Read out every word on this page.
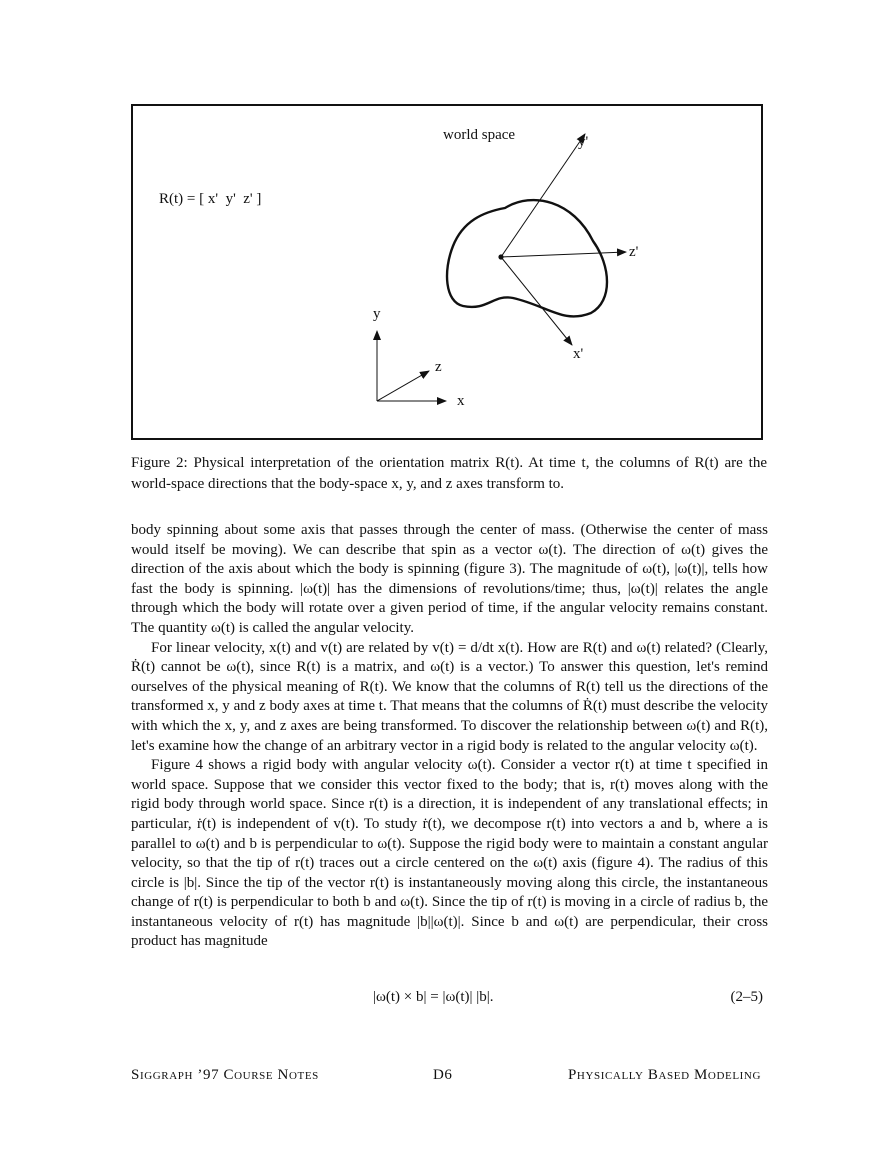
world space
R(t) = [ x'  y'  z' ]
y'
z'
x'
y
z
x
Figure 2: Physical interpretation of the orientation matrix R(t). At time t, the columns of R(t) are the world-space directions that the body-space x, y, and z axes transform to.

body spinning about some axis that passes through the center of mass. (Otherwise the center of mass would itself be moving). We can describe that spin as a vector ω(t). The direction of ω(t) gives the direction of the axis about which the body is spinning (figure 3). The magnitude of ω(t), |ω(t)|, tells how fast the body is spinning. |ω(t)| has the dimensions of revolutions/time; thus, |ω(t)| relates the angle through which the body will rotate over a given period of time, if the angular velocity remains constant. The quantity ω(t) is called the angular velocity.

For linear velocity, x(t) and v(t) are related by v(t) = d/dt x(t). How are R(t) and ω(t) related? (Clearly, Ṙ(t) cannot be ω(t), since R(t) is a matrix, and ω(t) is a vector.) To answer this question, let's remind ourselves of the physical meaning of R(t). We know that the columns of R(t) tell us the directions of the transformed x, y and z body axes at time t. That means that the columns of Ṙ(t) must describe the velocity with which the x, y, and z axes are being transformed. To discover the relationship between ω(t) and R(t), let's examine how the change of an arbitrary vector in a rigid body is related to the angular velocity ω(t).

Figure 4 shows a rigid body with angular velocity ω(t). Consider a vector r(t) at time t specified in world space. Suppose that we consider this vector fixed to the body; that is, r(t) moves along with the rigid body through world space. Since r(t) is a direction, it is independent of any translational effects; in particular, ṙ(t) is independent of v(t). To study ṙ(t), we decompose r(t) into vectors a and b, where a is parallel to ω(t) and b is perpendicular to ω(t). Suppose the rigid body were to maintain a constant angular velocity, so that the tip of r(t) traces out a circle centered on the ω(t) axis (figure 4). The radius of this circle is |b|. Since the tip of the vector r(t) is instantaneously moving along this circle, the instantaneous change of r(t) is perpendicular to both b and ω(t). Since the tip of r(t) is moving in a circle of radius b, the instantaneous velocity of r(t) has magnitude |b||ω(t)|. Since b and ω(t) are perpendicular, their cross product has magnitude

|ω(t) × b| = |ω(t)| |b|.	(2–5)
Siggraph ’97 Course Notes	D6	Physically Based Modeling
